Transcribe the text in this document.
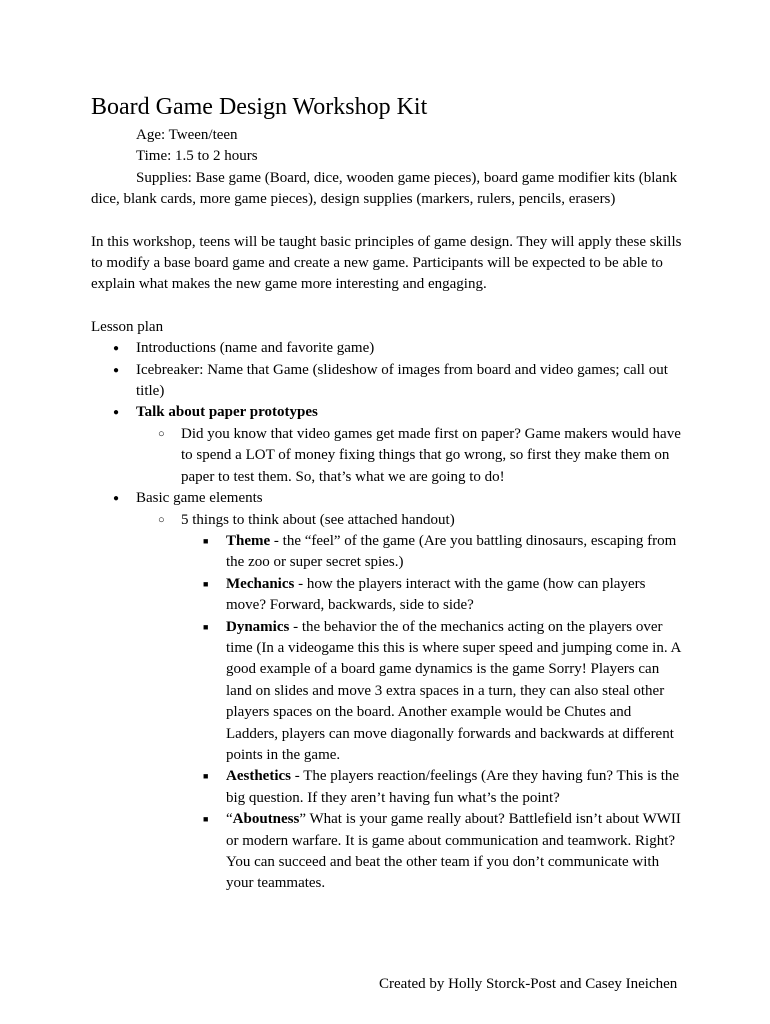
Board Game Design Workshop Kit

Age: Tween/teen

Time: 1.5 to 2 hours

Supplies: Base game (Board, dice, wooden game pieces), board game modifier kits (blank dice, blank cards, more game pieces), design supplies (markers, rulers, pencils, erasers)

In this workshop, teens will be taught basic principles of game design. They will apply these skills to modify a base board game and create a new game. Participants will be expected to be able to explain what makes the new game more interesting and engaging.

Lesson plan

● Introductions (name and favorite game)
● Icebreaker: Name that Game (slideshow of images from board and video games; call out title)
● Talk about paper prototypes
○ Did you know that video games get made first on paper? Game makers would have to spend a LOT of money fixing things that go wrong, so first they make them on paper to test them. So, that’s what we are going to do!
● Basic game elements
○ 5 things to think about (see attached handout)
■ Theme - the “feel” of the game (Are you battling dinosaurs, escaping from the zoo or super secret spies.)
■ Mechanics - how the players interact with the game (how can players move? Forward, backwards, side to side?
■ Dynamics - the behavior the of the mechanics acting on the players over time (In a videogame this this is where super speed and jumping come in. A good example of a board game dynamics is the game Sorry! Players can land on slides and move 3 extra spaces in a turn, they can also steal other players spaces on the board. Another example would be Chutes and Ladders, players can move diagonally forwards and backwards at different points in the game.
■ Aesthetics - The players reaction/feelings (Are they having fun? This is the big question. If they aren’t having fun what’s the point?
■ “Aboutness” What is your game really about? Battlefield isn’t about WWII or modern warfare. It is game about communication and teamwork. Right? You can succeed and beat the other team if you don’t communicate with your teammates.
Created by Holly Storck-Post and Casey Ineichen
